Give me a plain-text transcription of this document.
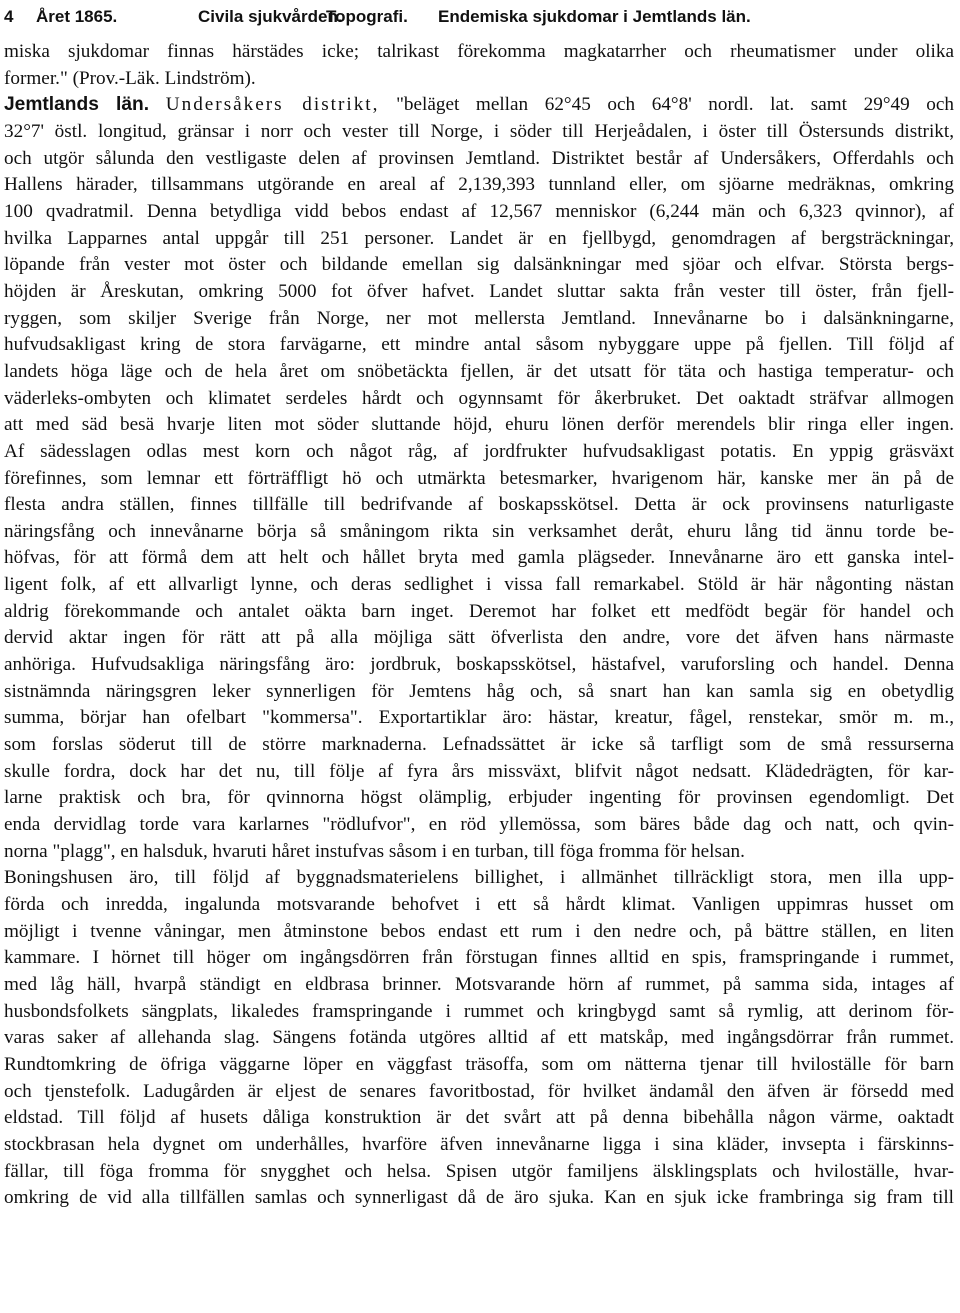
4 Året 1865.	Civila sjukvården.Topografi. Endemiska sjukdomar i Jemtlands län.
miska sjukdomar finnas härstädes icke; talrikast förekomma magkatarrher och rheumatismer under olika
former." (Prov.-Läk. Lindström).
Jemtlands län. Undersåkers distrikt, "beläget mellan 62°45 och 64°8' nordl. lat. samt 29°49 och
32°7' östl. longitud, gränsar i norr och vester till Norge, i söder till Herjeådalen, i öster till Östersunds distrikt,
och utgör sålunda den vestligaste delen af provinsen Jemtland. Distriktet består af Undersåkers, Offerdahls och
Hallens härader, tillsammans utgörande en areal af 2,139,393 tunnland eller, om sjöarne medräknas, omkring
100 qvadratmil. Denna betydliga vidd bebos endast af 12,567 menniskor (6,244 män och 6,323 qvinnor), af
hvilka Lapparnes antal uppgår till 251 personer. Landet är en fjellbygd, genomdragen af bergsträckningar,
löpande från vester mot öster och bildande emellan sig dalsänkningar med sjöar och elfvar. Största bergs-
höjden är Åreskutan, omkring 5000 fot öfver hafvet. Landet sluttar sakta från vester till öster, från fjell-
ryggen, som skiljer Sverige från Norge, ner mot mellersta Jemtland. Innevånarne bo i dalsänkningarne,
hufvudsakligast kring de stora farvägarne, ett mindre antal såsom nybyggare uppe på fjellen. Till följd af
landets höga läge och de hela året om snöbetäckta fjellen, är det utsatt för täta och hastiga temperatur- och
väderleks-ombyten och klimatet serdeles hårdt och ogynnsamt för åkerbruket. Det oaktadt sträfvar allmogen
att med säd besä hvarje liten mot söder sluttande höjd, ehuru lönen derför merendels blir ringa eller ingen.
Af sädesslagen odlas mest korn och något råg, af jordfrukter hufvudsakligast potatis. En yppig gräsväxt
förefinnes, som lemnar ett förträffligt hö och utmärkta betesmarker, hvarigenom här, kanske mer än på de
flesta andra ställen, finnes tillfälle till bedrifvande af boskapsskötsel. Detta är ock provinsens naturligaste
näringsfång och innevånarne börja så småningom rikta sin verksamhet deråt, ehuru lång tid ännu torde be-
höfvas, för att förmå dem att helt och hållet bryta med gamla plägseder. Innevånarne äro ett ganska intel-
ligent folk, af ett allvarligt lynne, och deras sedlighet i vissa fall remarkabel. Stöld är här någonting nästan
aldrig förekommande och antalet oäkta barn inget. Deremot har folket ett medfödt begär för handel och
dervid aktar ingen för rätt att på alla möjliga sätt öfverlista den andre, vore det äfven hans närmaste
anhöriga. Hufvudsakliga näringsfång äro: jordbruk, boskapsskötsel, hästafvel, varuforsling och handel. Denna
sistnämnda näringsgren leker synnerligen för Jemtens håg och, så snart han kan samla sig en obetydlig
summa, börjar han ofelbart "kommersa". Exportartiklar äro: hästar, kreatur, fågel, renstekar, smör m. m.,
som forslas söderut till de större marknaderna. Lefnadssättet är icke så tarfligt som de små ressurserna
skulle fordra, dock har det nu, till följe af fyra års missväxt, blifvit något nedsatt. Klädedrägten, för kar-
larne praktisk och bra, för qvinnorna högst olämplig, erbjuder ingenting för provinsen egendomligt. Det
enda dervidlag torde vara karlarnes "rödlufvor", en röd yllemössa, som bäres både dag och natt, och qvin-
norna "plagg", en halsduk, hvaruti håret instufvas såsom i en turban, till föga fromma för helsan.
Boningshusen äro, till följd af byggnadsmaterielens billighet, i allmänhet tillräckligt stora, men illa upp-
förda och inredda, ingalunda motsvarande behofvet i ett så hårdt klimat. Vanligen uppimras husset om
möjligt i tvenne våningar, men åtminstone bebos endast ett rum i den nedre och, på bättre ställen, en liten
kammare. I hörnet till höger om ingångsdörren från förstugan finnes alltid en spis, framspringande i rummet,
med låg häll, hvarpå ständigt en eldbrasa brinner. Motsvarande hörn af rummet, på samma sida, intages af
husbondsfolkets sängplats, likaledes framspringande i rummet och kringbygd samt så rymlig, att derinom för-
varas saker af allehanda slag. Sängens fotända utgöres alltid af ett matskåp, med ingångsdörrar från rummet.
Rundtomkring de öfriga väggarne löper en väggfast träsoffa, som om nätterna tjenar till hviloställe för barn
och tjenstefolk. Ladugården är eljest de senares favoritbostad, för hvilket ändamål den äfven är försedd med
eldstad. Till följd af husets dåliga konstruktion är det svårt att på denna bibehålla någon värme, oaktadt
stockbrasan hela dygnet om underhålles, hvarföre äfven innevånarne ligga i sina kläder, invsepta i färskinns-
fällar, till föga fromma för snygghet och helsa. Spisen utgör familjens älsklingsplats och hviloställe, hvar-
omkring de vid alla tillfällen samlas och synnerligast då de äro sjuka. Kan en sjuk icke frambringa sig fram till
